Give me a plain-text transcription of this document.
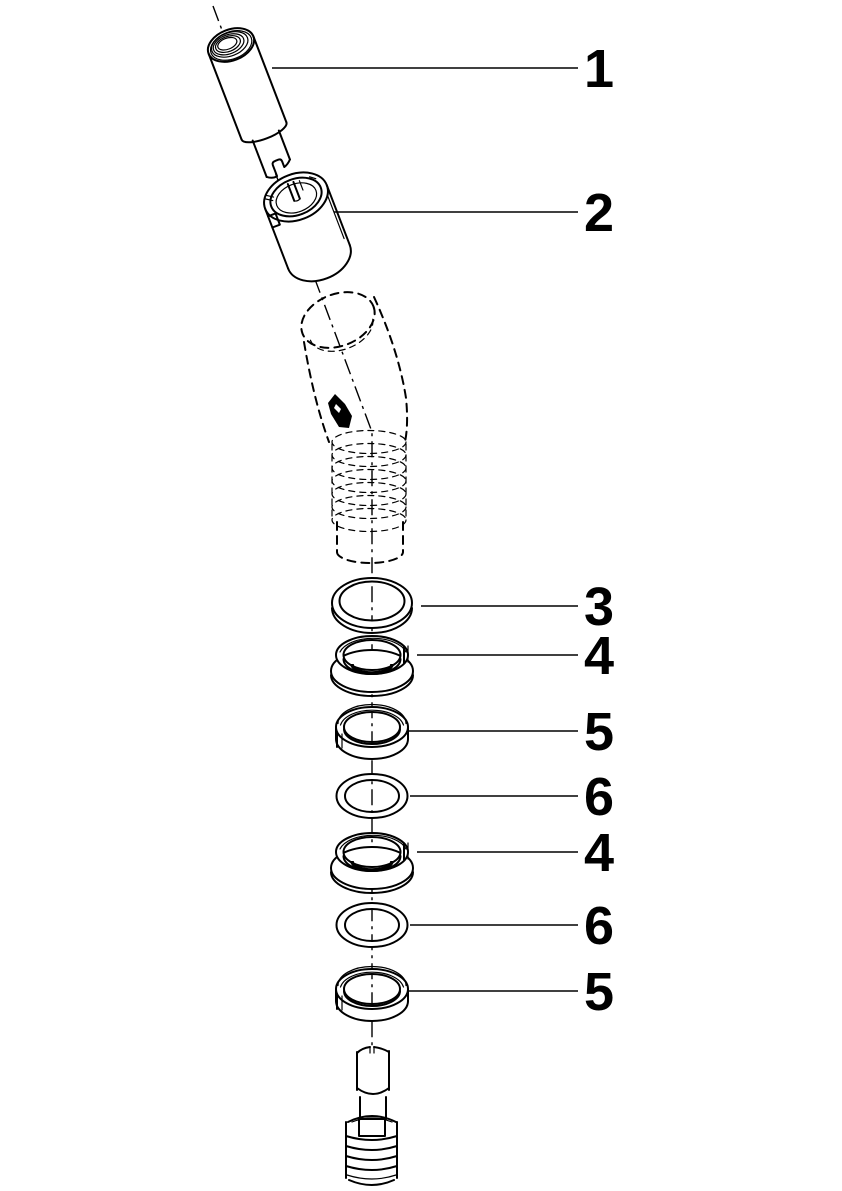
1
2
3
4
5
6
4
6
5
